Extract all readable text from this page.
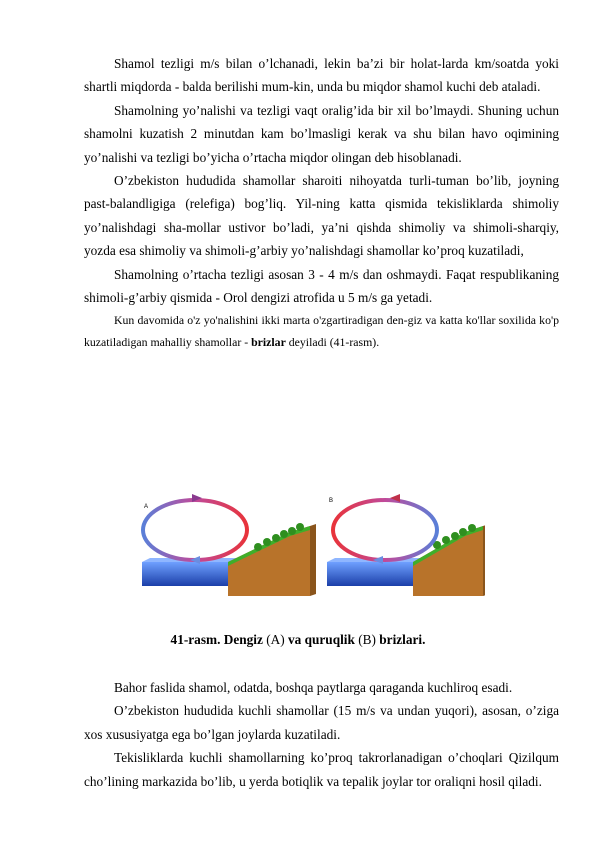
Shamol tezligi m/s bilan o’lchanadi, lekin ba’zi bir holat-larda km/soatda yoki shartli miqdorda - balda berilishi mum-kin, unda bu miqdor shamol kuchi deb ataladi.

Shamolning yo’nalishi va tezligi vaqt oralig’ida bir xil bo’lmaydi. Shuning uchun shamolni kuzatish 2 minutdan kam bo’lmasligi kerak va shu bilan havo oqimining yo’nalishi va tezligi bo’yicha o’rtacha miqdor olingan deb hisoblanadi.

O’zbekiston hududida shamollar sharoiti nihoyatda turli-tuman bo’lib, joyning past-balandligiga (relefiga) bog’liq. Yil-ning katta qismida tekisliklarda shimoliy yo’nalishdagi sha-mollar ustivor bo’ladi, ya’ni qishda shimoliy va shimoli-sharqiy, yozda esa shimoliy va shimoli-g’arbiy yo’nalishdagi shamollar ko’proq kuzatiladi,

Shamolning o’rtacha tezligi asosan 3 - 4 m/s dan oshmaydi. Faqat respublikaning shimoli-g’arbiy qismida - Orol dengizi atrofida u 5 m/s ga yetadi.

Kun davomida o'z yo'nalishini ikki marta o'zgartiradigan den-giz va katta ko'llar soxilida ko'p kuzatiladigan mahalliy shamollar - brizlar deyiladi (41-rasm).

A
B
41-rasm. Dengiz (A) va quruqlik (B) brizlari.

Bahor faslida shamol, odatda, boshqa paytlarga qaraganda kuchliroq esadi.

O’zbekiston hududida kuchli shamollar (15 m/s va undan yuqori), asosan, o’ziga xos xususiyatga ega bo’lgan joylarda kuzatiladi.

Tekisliklarda kuchli shamollarning ko’proq takrorlanadigan o’choqlari Qizilqum cho’lining markazida bo’lib, u yerda botiqlik va tepalik joylar tor oraliqni hosil qiladi.
